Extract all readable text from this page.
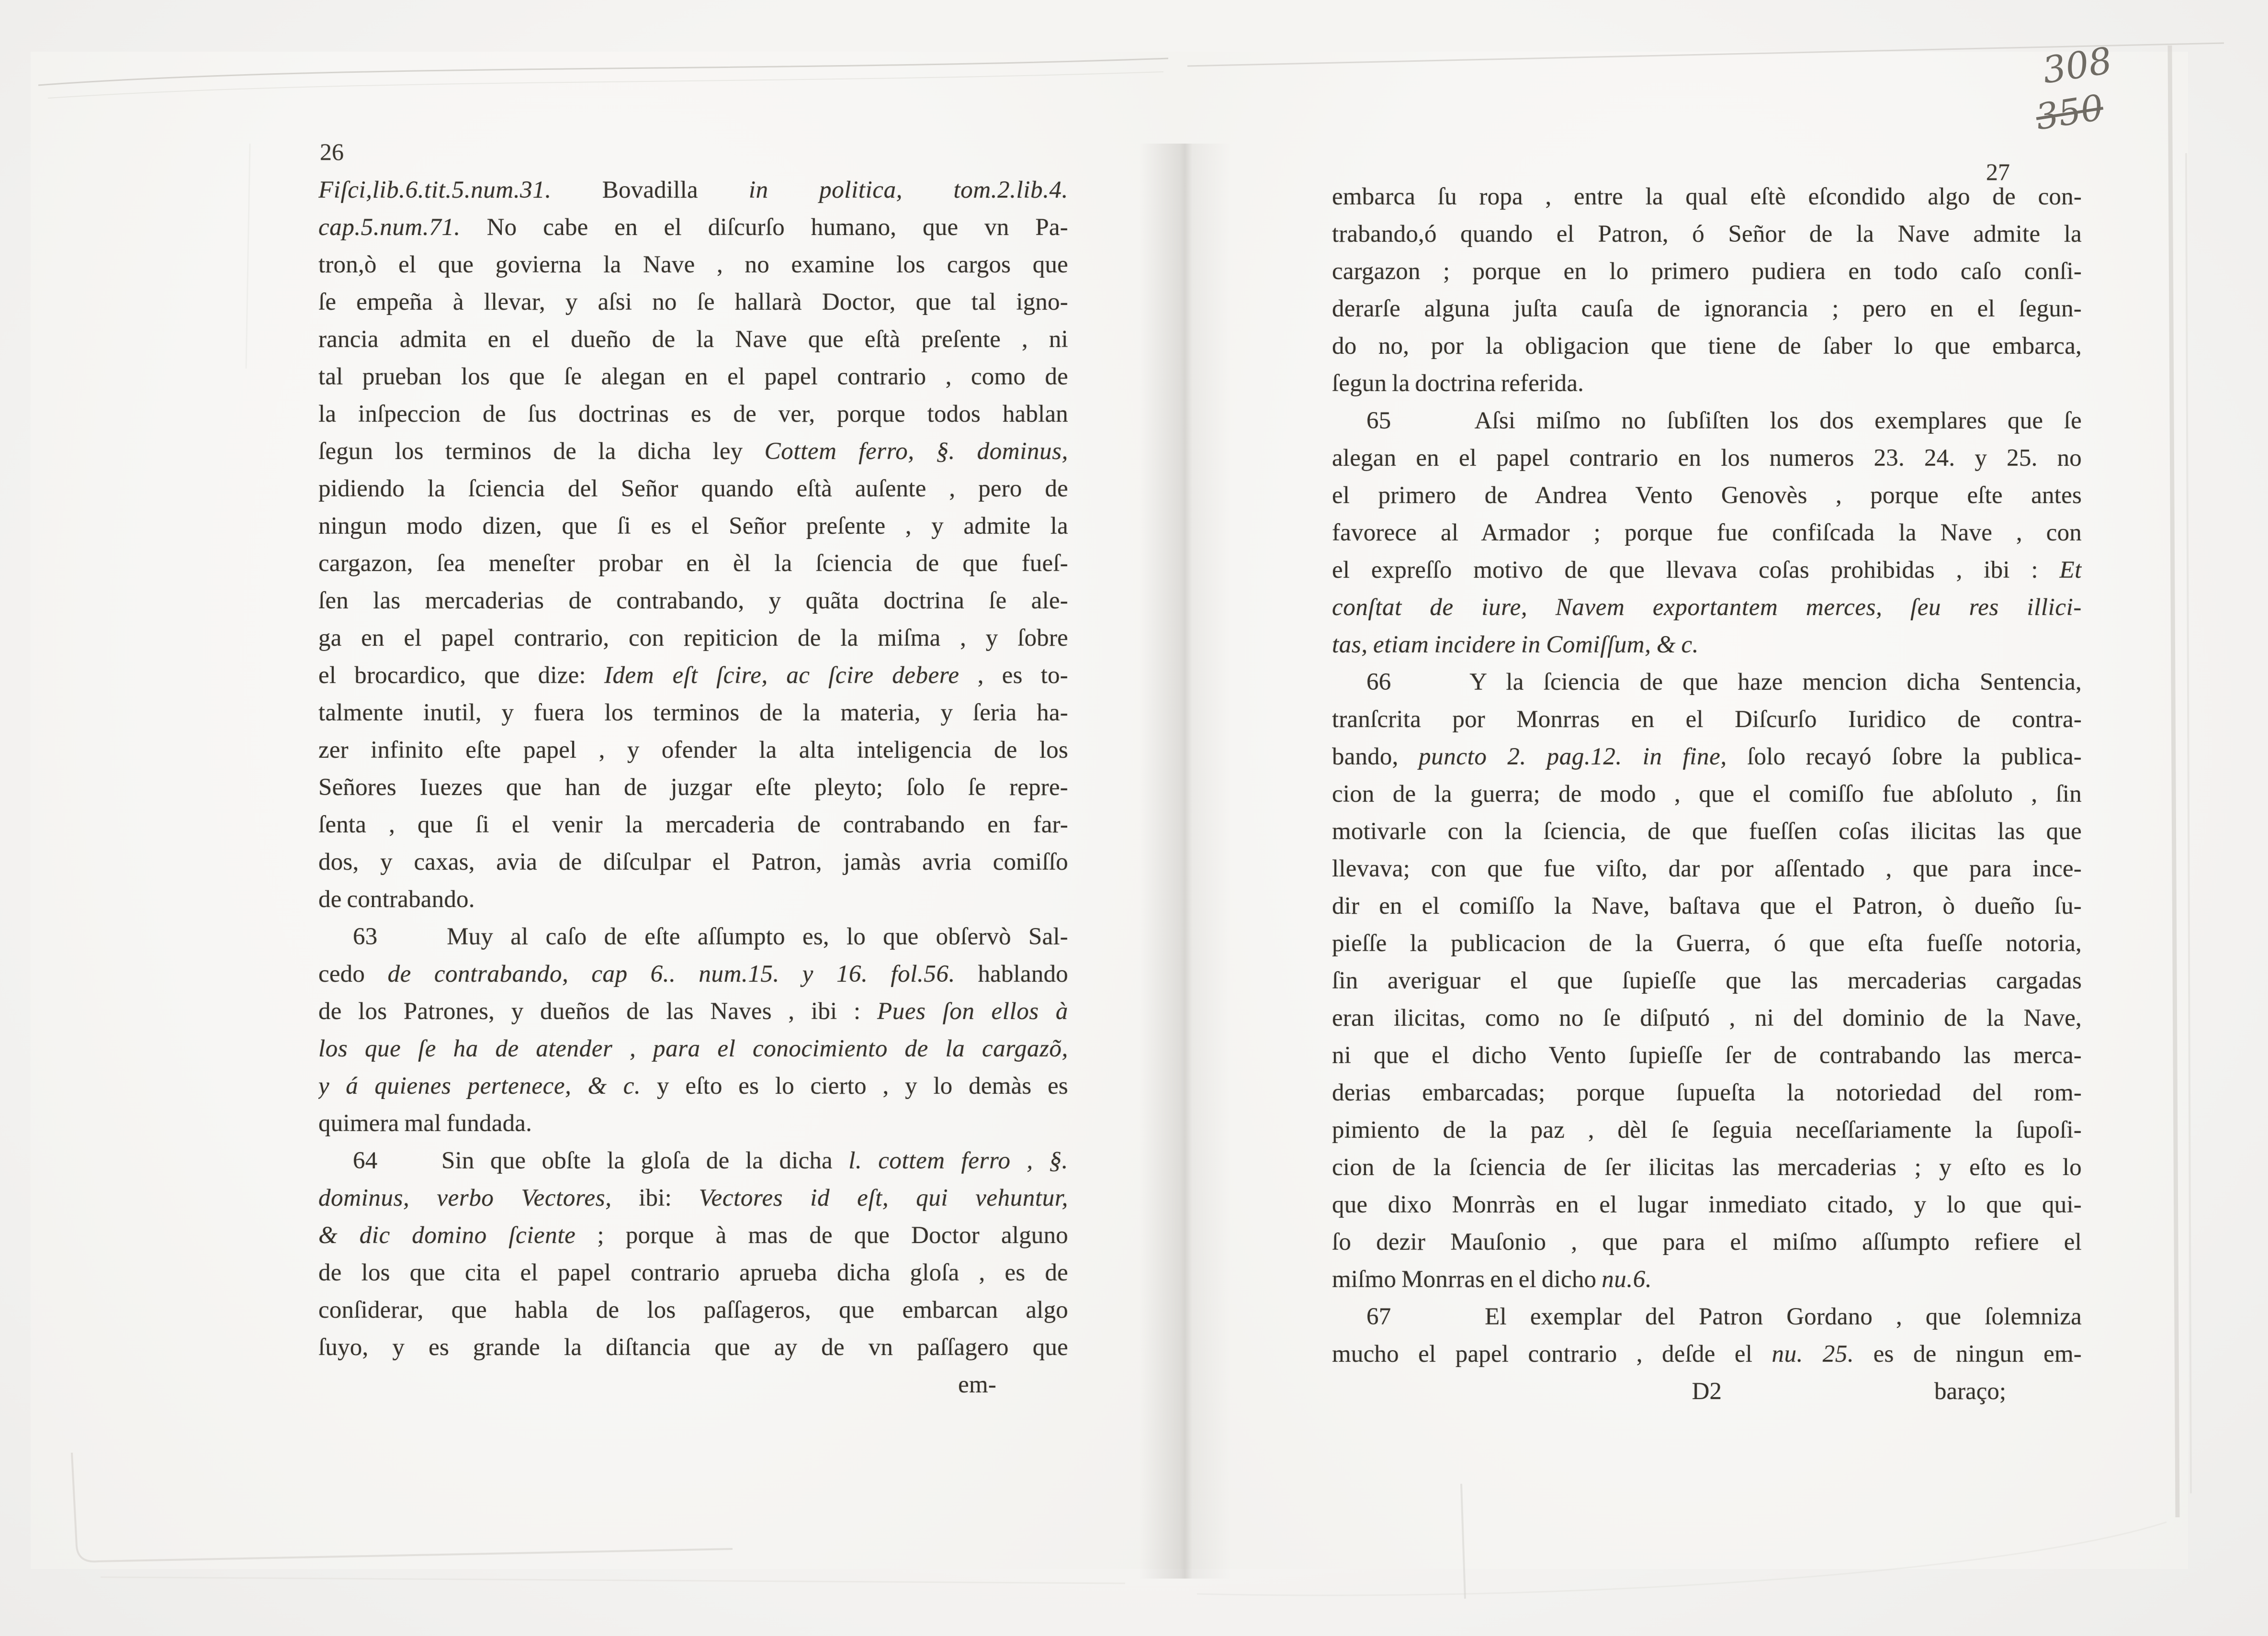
26
27
308
350
Fiſci,lib.6.tit.5.num.31. Bovadilla in politica, tom.2.lib.4.
cap.5.num.71. No cabe en el diſcurſo humano, que vn Pa-
tron,ò el que govierna la Nave , no examine los cargos que
ſe empeña à llevar, y aſsi no ſe hallarà Doctor, que tal igno-
rancia admita en el dueño de la Nave que eſtà preſente , ni
tal prueban los que ſe alegan en el papel contrario , como de
la inſpeccion de ſus doctrinas es de ver, porque todos hablan
ſegun los terminos de la dicha ley Cottem ferro, §. dominus,
pidiendo la ſciencia del Señor quando eſtà auſente , pero de
ningun modo dizen, que ſi es el Señor preſente , y admite la
cargazon, ſea meneſter probar en èl la ſciencia de que fueſ-
ſen las mercaderias de contrabando, y quãta doctrina ſe ale-
ga en el papel contrario, con repiticion de la miſma , y ſobre
el brocardico, que dize: Idem eſt ſcire, ac ſcire debere , es to-
talmente inutil, y fuera los terminos de la materia, y ſeria ha-
zer infinito eſte papel , y ofender la alta inteligencia de los
Señores Iuezes que han de juzgar eſte pleyto; ſolo ſe repre-
ſenta , que ſi el venir la mercaderia de contrabando en far-
dos, y caxas, avia de diſculpar el Patron, jamàs avria comiſſo
de contrabando.
63    Muy al caſo de eſte aſſumpto es, lo que obſervò Sal-
cedo de contrabando, cap 6.. num.15. y 16. fol.56. hablando
de los Patrones, y dueños de las Naves , ibi : Pues ſon ellos à
los que ſe ha de atender , para el conocimiento de la cargazõ,
y á quienes pertenece, & c. y eſto es lo cierto , y lo demàs es
quimera mal fundada.
64    Sin que obſte la gloſa de la dicha l. cottem ferro , §.
dominus, verbo Vectores, ibi: Vectores id eſt, qui vehuntur,
& dic domino ſciente ; porque à mas de que Doctor alguno
de los que cita el papel contrario aprueba dicha gloſa , es de
conſiderar, que habla de los paſſageros, que embarcan algo
ſuyo, y es grande la diſtancia que ay de vn paſſagero que
em-
embarca ſu ropa , entre la qual eſtè eſcondido algo de con-
trabando,ó quando el Patron, ó Señor de la Nave admite la
cargazon ; porque en lo primero pudiera en todo caſo conſi-
derarſe alguna juſta cauſa de ignorancia ; pero en el ſegun-
do no, por la obligacion que tiene de ſaber lo que embarca,
ſegun la doctrina referida.
65    Aſsi miſmo no ſubſiſten los dos exemplares que ſe
alegan en el papel contrario en los numeros 23. 24. y 25. no
el primero de Andrea Vento Genovès , porque eſte antes
favorece al Armador ; porque fue confiſcada la Nave , con
el expreſſo motivo de que llevava coſas prohibidas , ibi : Et
conſtat de iure, Navem exportantem merces, ſeu res illici-
tas, etiam incidere in Comiſſum, & c.
66    Y la ſciencia de que haze mencion dicha Sentencia,
tranſcrita por Monrras en el Diſcurſo Iuridico de contra-
bando, puncto 2. pag.12. in fine, ſolo recayó ſobre la publica-
cion de la guerra; de modo , que el comiſſo fue abſoluto , ſin
motivarle con la ſciencia, de que fueſſen coſas ilicitas las que
llevava; con que fue viſto, dar por aſſentado , que para ince-
dir en el comiſſo la Nave, baſtava que el Patron, ò dueño ſu-
pieſſe la publicacion de la Guerra, ó que eſta fueſſe notoria,
ſin averiguar el que ſupieſſe que las mercaderias cargadas
eran ilicitas, como no ſe diſputó , ni del dominio de la Nave,
ni que el dicho Vento ſupieſſe ſer de contrabando las merca-
derias embarcadas; porque ſupueſta la notoriedad del rom-
pimiento de la paz , dèl ſe ſeguia neceſſariamente la ſupoſi-
cion de la ſciencia de ſer ilicitas las mercaderias ; y eſto es lo
que dixo Monrràs en el lugar inmediato citado, y lo que qui-
ſo dezir Mauſonio , que para el miſmo aſſumpto refiere el
miſmo Monrras en el dicho nu.6.
67    El exemplar del Patron Gordano , que ſolemniza
mucho el papel contrario , deſde el nu. 25. es de ningun em-
D2	baraço;
